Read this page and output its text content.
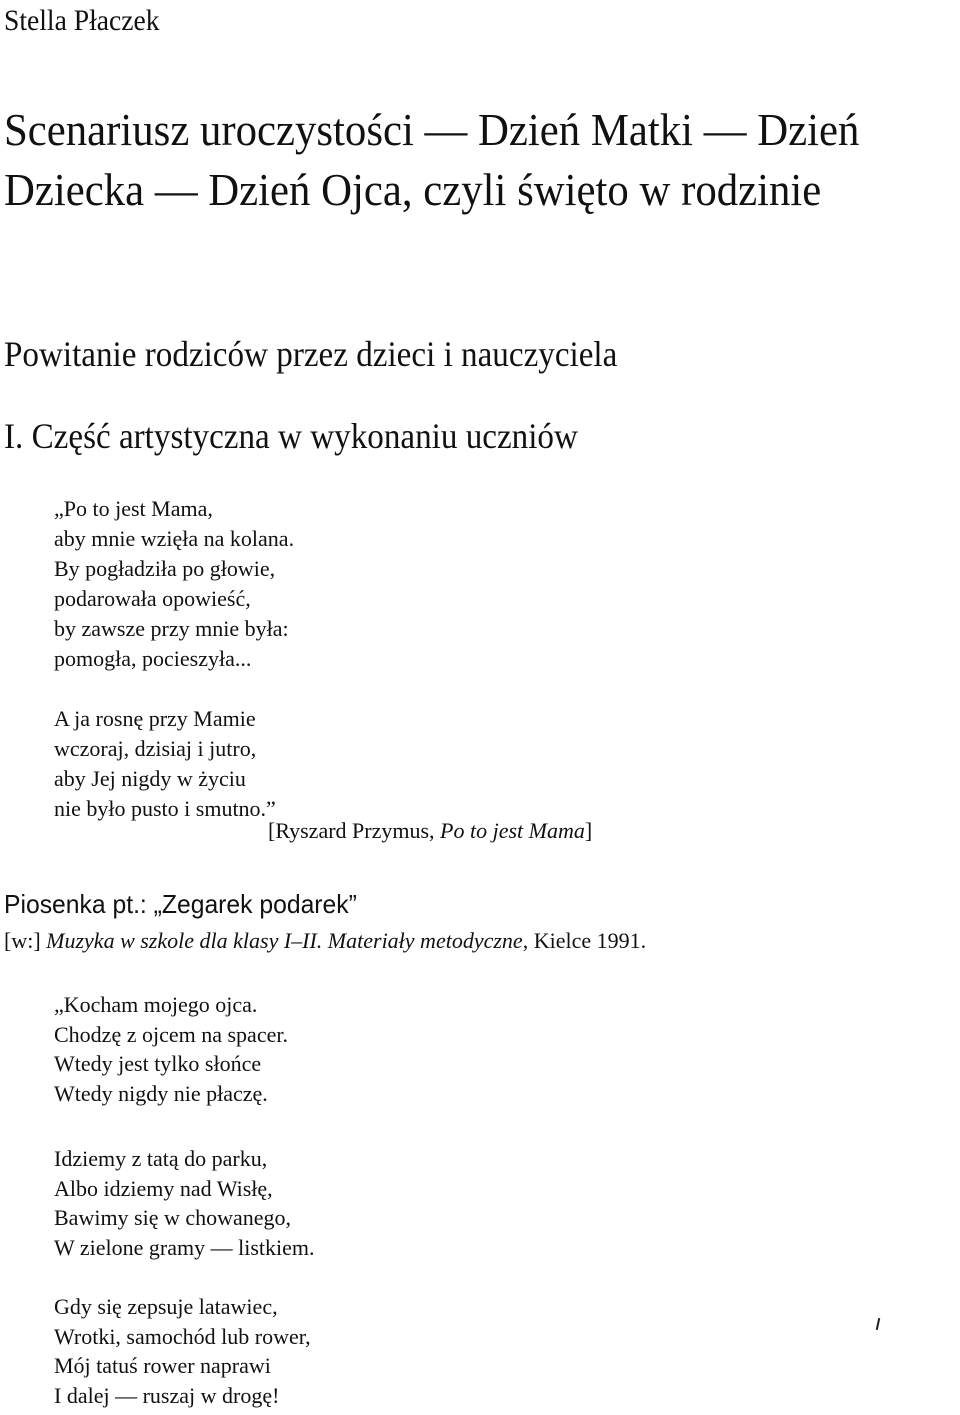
Stella Płaczek
Scenariusz uroczystości — Dzień Matki — Dzień
Dziecka — Dzień Ojca, czyli święto w rodzinie
Powitanie rodziców przez dzieci i nauczyciela
I. Część artystyczna w wykonaniu uczniów
„Po to jest Mama,
aby mnie wzięła na kolana.
By pogładziła po głowie,
podarowała opowieść,
by zawsze przy mnie była:
pomogła, pocieszyła...
A ja rosnę przy Mamie
wczoraj, dzisiaj i jutro,
aby Jej nigdy w życiu
nie było pusto i smutno.”
[Ryszard Przymus, Po to jest Mama]
Piosenka pt.: „Zegarek podarek”
[w:] Muzyka w szkole dla klasy I–II. Materiały metodyczne, Kielce 1991.
„Kocham mojego ojca.
Chodzę z ojcem na spacer.
Wtedy jest tylko słońce
Wtedy nigdy nie płaczę.
Idziemy z tatą do parku,
Albo idziemy nad Wisłę,
Bawimy się w chowanego,
W zielone gramy — listkiem.
Gdy się zepsuje latawiec,
Wrotki, samochód lub rower,
Mój tatuś rower naprawi
I dalej — ruszaj w drogę!
